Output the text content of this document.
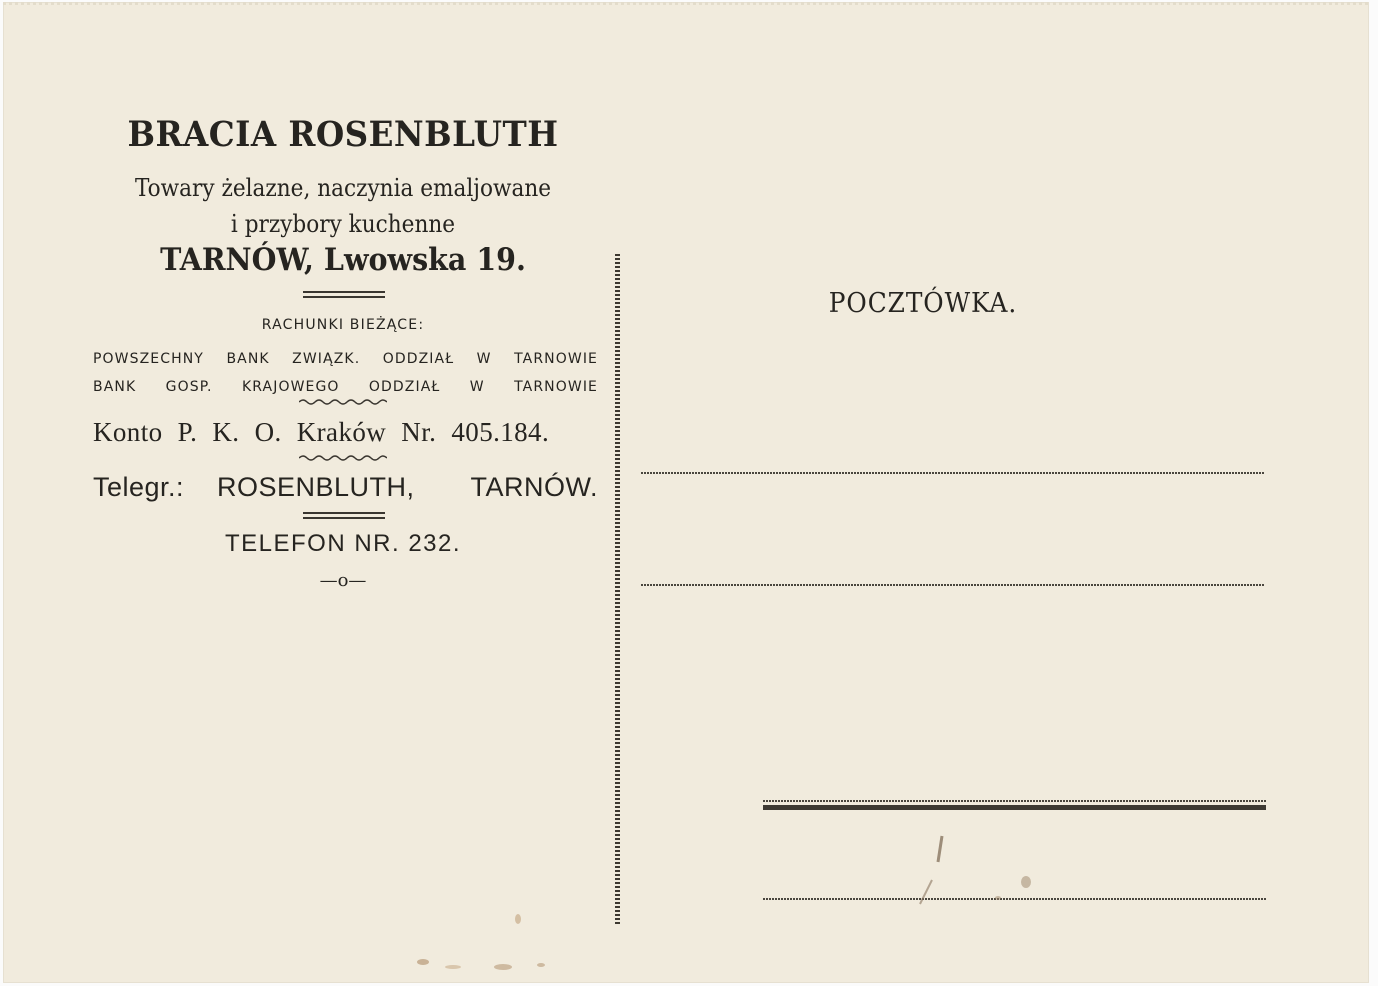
BRACIA ROSENBLUTH
Towary żelazne, naczynia emaljowane
i przybory kuchenne
TARNÓW, Lwowska 19.
RACHUNKI BIEŻĄCE:
POWSZECHNY BANK ZWIĄZK. ODDZIAŁ W TARNOWIE
BANK GOSP. KRAJOWEGO ODDZIAŁ W TARNOWIE
Konto P. K. O. Kraków Nr. 405.184.
Telegr.: ROSENBLUTH, TARNÓW.
TELEFON NR. 232.
—o—
POCZTÓWKA.
